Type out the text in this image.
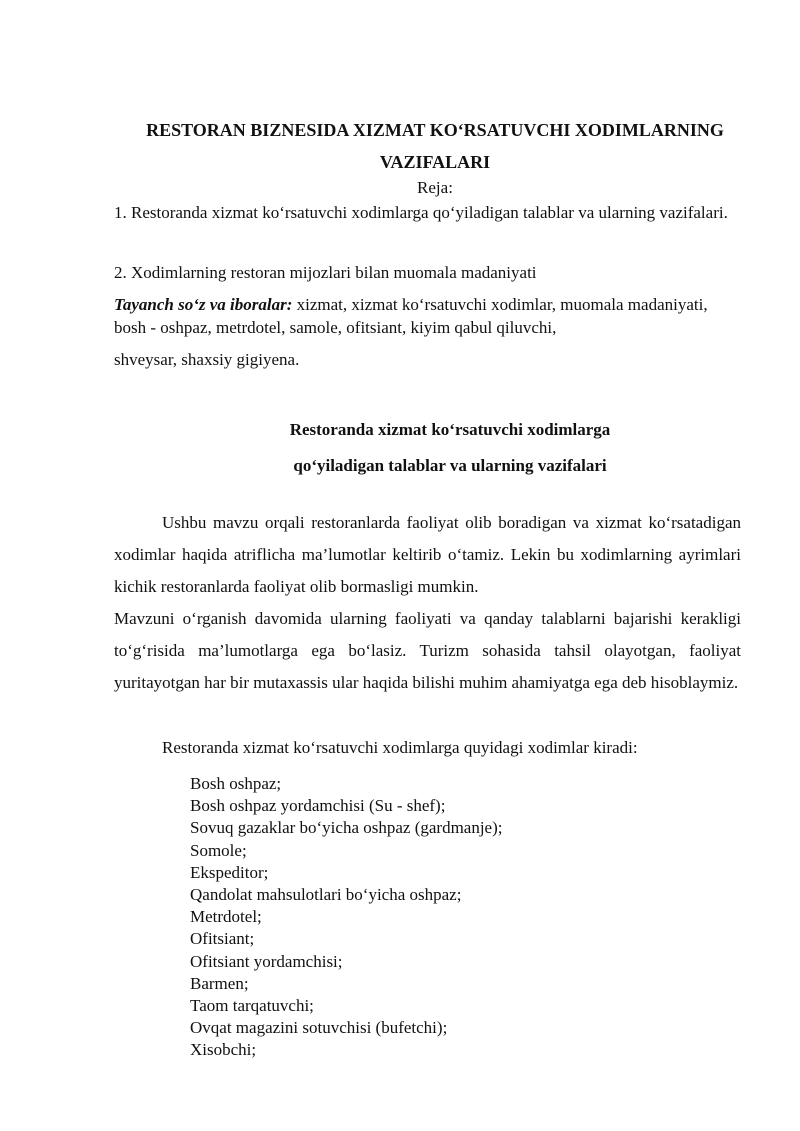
RESTORAN BIZNESIDA XIZMAT KO‘RSATUVCHI XODIMLARNING
VAZIFALARI

Reja:

1. Restoranda xizmat ko‘rsatuvchi xodimlarga qo‘yiladigan talablar va ularning vazifalari.

2. Xodimlarning restoran mijozlari bilan muomala madaniyati

Tayanch so‘z va iboralar: xizmat, xizmat ko‘rsatuvchi xodimlar, muomala madaniyati, bosh - oshpaz, metrdotel, samole, ofitsiant, kiyim qabul qiluvchi,
shveysar, shaxsiy gigiyena.

Restoranda xizmat ko‘rsatuvchi xodimlarga
qo‘yiladigan talablar va ularning vazifalari

Ushbu mavzu orqali restoranlarda faoliyat olib boradigan va xizmat ko‘rsatadigan xodimlar haqida atriflicha ma’lumotlar keltirib o‘tamiz. Lekin bu xodimlarning ayrimlari kichik restoranlarda faoliyat olib bormasligi mumkin.

Mavzuni o‘rganish davomida ularning faoliyati va qanday talablarni bajarishi kerakligi to‘g‘risida ma’lumotlarga ega bo‘lasiz. Turizm sohasida tahsil olayotgan, faoliyat yuritayotgan har bir mutaxassis ular haqida bilishi muhim ahamiyatga ega deb hisoblaymiz.

Restoranda xizmat ko‘rsatuvchi xodimlarga quyidagi xodimlar kiradi:

Bosh oshpaz;
Bosh oshpaz yordamchisi (Su - shef);
Sovuq gazaklar bo‘yicha oshpaz (gardmanje);
Somole;
Ekspeditor;
Qandolat mahsulotlari bo‘yicha oshpaz;
Metrdotel;
Ofitsiant;
Ofitsiant yordamchisi;
Barmen;
Taom tarqatuvchi;
Ovqat magazini sotuvchisi (bufetchi);
Xisobchi;
